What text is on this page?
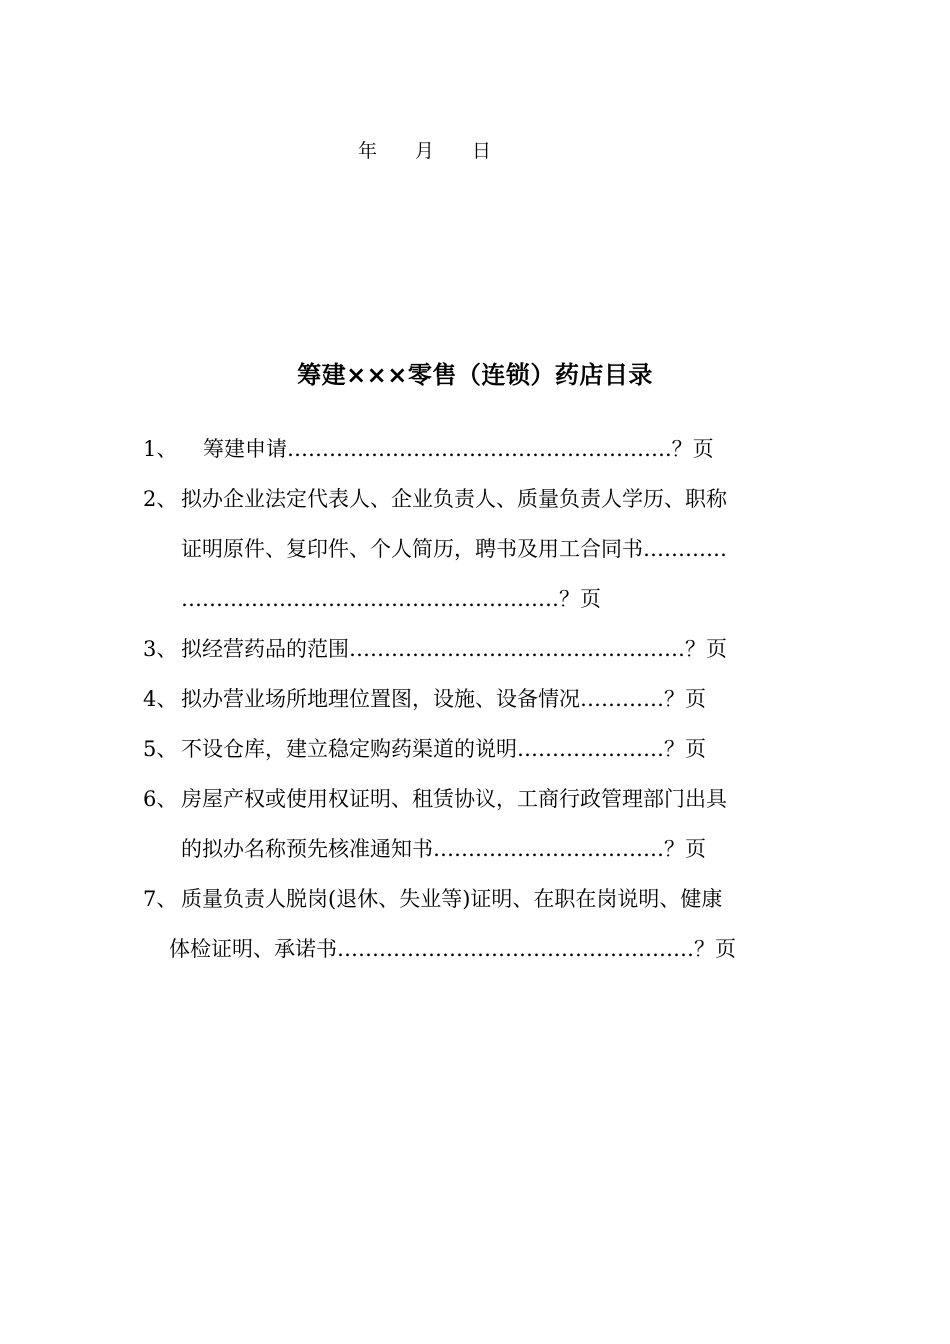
年 月 日
筹建×××零售（连锁）药店目录
1、 筹建申请……………………………………………….？页
2、 拟办企业法定代表人、企业负责人、质量负责人学历、职称
证明原件、复印件、个人简历，聘书及用工合同书…………
………………………………………………？页
3、 拟经营药品的范围…………………………………………？页
4、 拟办营业场所地理位置图，设施、设备情况…………？页
5、 不设仓库，建立稳定购药渠道的说明…………………？页
6、 房屋产权或使用权证明、租赁协议，工商行政管理部门出具
的拟办名称预先核准通知书……………………………？页
7、 质量负责人脱岗(退休、失业等)证明、在职在岗说明、健康
体检证明、承诺书……………………………………………？页
